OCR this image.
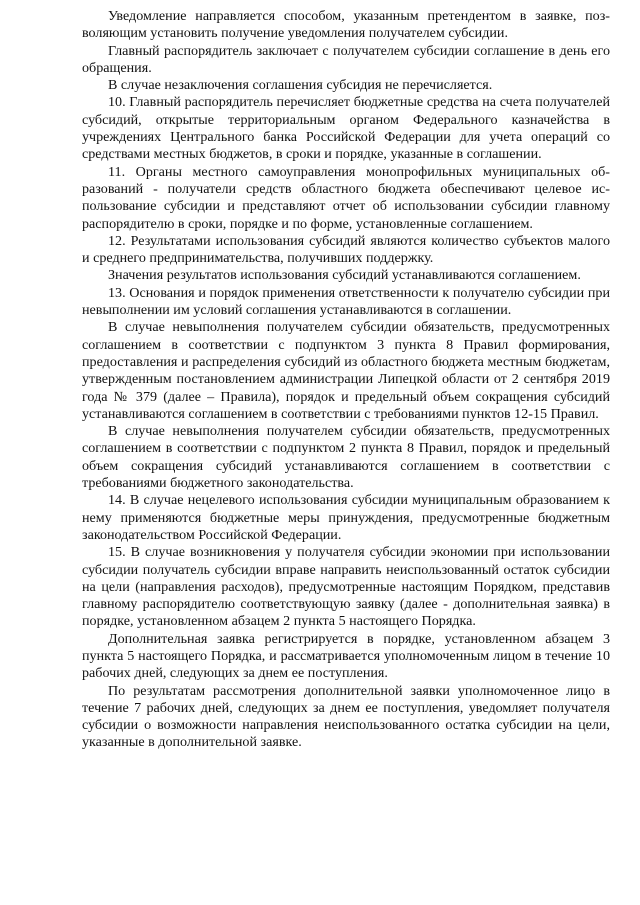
Уведомление направляется способом, указанным претендентом в заявке, позволяющим установить получение уведомления получателем субсидии.

Главный распорядитель заключает с получателем субсидии соглашение в день его обращения.

В случае незаключения соглашения субсидия не перечисляется.

10. Главный распорядитель перечисляет бюджетные средства на счета получателей субсидий, открытые территориальным органом Федерального казначейства в учреждениях Центрального банка Российской Федерации для учета операций со средствами местных бюджетов, в сроки и порядке, указанные в соглашении.

11. Органы местного самоуправления монопрофильных муниципальных образований - получатели средств областного бюджета обеспечивают целевое использование субсидии и представляют отчет об использовании субсидии главному распорядителю в сроки, порядке и по форме, установленные соглашением.

12. Результатами использования субсидий являются количество субъектов малого и среднего предпринимательства, получивших поддержку.

Значения результатов использования субсидий устанавливаются соглашением.

13. Основания и порядок применения ответственности к получателю субсидии при невыполнении им условий соглашения устанавливаются в соглашении.

В случае невыполнения получателем субсидии обязательств, предусмотренных соглашением в соответствии с подпунктом 3 пункта 8 Правил формирования, предоставления и распределения субсидий из областного бюджета местным бюджетам, утвержденным постановлением администрации Липецкой области от 2 сентября 2019 года № 379 (далее – Правила), порядок и предельный объем сокращения субсидий устанавливаются соглашением в соответствии с требованиями пунктов 12-15 Правил.

В случае невыполнения получателем субсидии обязательств, предусмотренных соглашением в соответствии с подпунктом 2 пункта 8 Правил, порядок и предельный объем сокращения субсидий устанавливаются соглашением в соответствии с требованиями бюджетного законодательства.

14. В случае нецелевого использования субсидии муниципальным образованием к нему применяются бюджетные меры принуждения, предусмотренные бюджетным законодательством Российской Федерации.

15. В случае возникновения у получателя субсидии экономии при использовании субсидии получатель субсидии вправе направить неиспользованный остаток субсидии на цели (направления расходов), предусмотренные настоящим Порядком, представив главному распорядителю соответствующую заявку (далее - дополнительная заявка) в порядке, установленном абзацем 2 пункта 5 настоящего Порядка.

Дополнительная заявка регистрируется в порядке, установленном абзацем 3 пункта 5 настоящего Порядка, и рассматривается уполномоченным лицом в течение 10 рабочих дней, следующих за днем ее поступления.

По результатам рассмотрения дополнительной заявки уполномоченное лицо в течение 7 рабочих дней, следующих за днем ее поступления, уведомляет получателя субсидии о возможности направления неиспользованного остатка субсидии на цели, указанные в дополнительной заявке.
